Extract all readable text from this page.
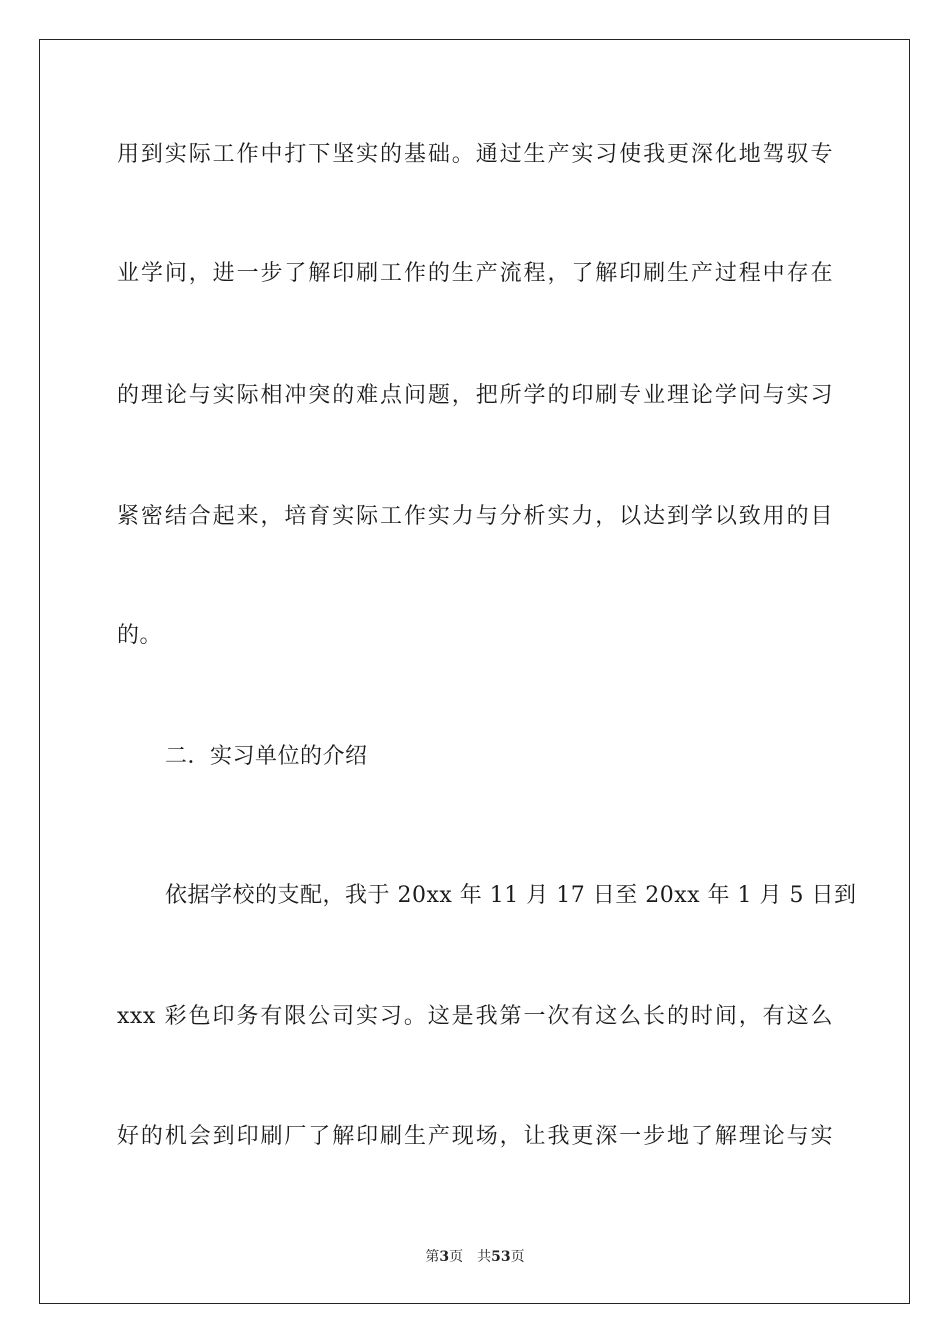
用到实际工作中打下坚实的基础。通过生产实习使我更深化地驾驭专
业学问，进一步了解印刷工作的生产流程，了解印刷生产过程中存在
的理论与实际相冲突的难点问题，把所学的印刷专业理论学问与实习
紧密结合起来，培育实际工作实力与分析实力，以达到学以致用的目
的。
二．实习单位的介绍
依据学校的支配，我于 20xx 年 11 月 17 日至 20xx 年 1 月 5 日到
xxx 彩色印务有限公司实习。这是我第一次有这么长的时间，有这么
好的机会到印刷厂了解印刷生产现场，让我更深一步地了解理论与实
第3页 共53页
